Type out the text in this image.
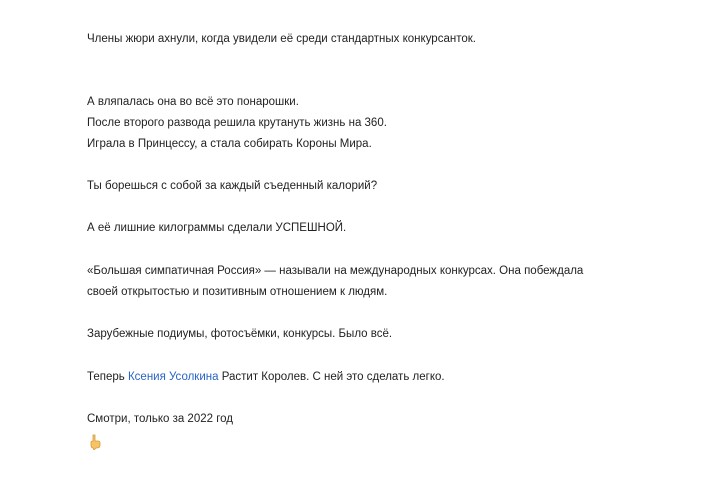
Члены жюри ахнули, когда увидели её среди стандартных конкурсанток.

А вляпалась она во всё это понарошки.
После второго развода решила крутануть жизнь на 360.
Играла в Принцессу, а стала собирать Короны Мира.

Ты борешься с собой за каждый съеденный калорий?

А её лишние килограммы сделали УСПЕШНОЙ.

«Большая симпатичная Россия» — называли на международных конкурсах. Она побеждала
своей открытостью и позитивным отношением к людям.

Зарубежные подиумы, фотосъёмки, конкурсы. Было всё.

Теперь Ксения Усолкина Растит Королев. С ней это сделать легко.

Смотри, только за 2022 год
